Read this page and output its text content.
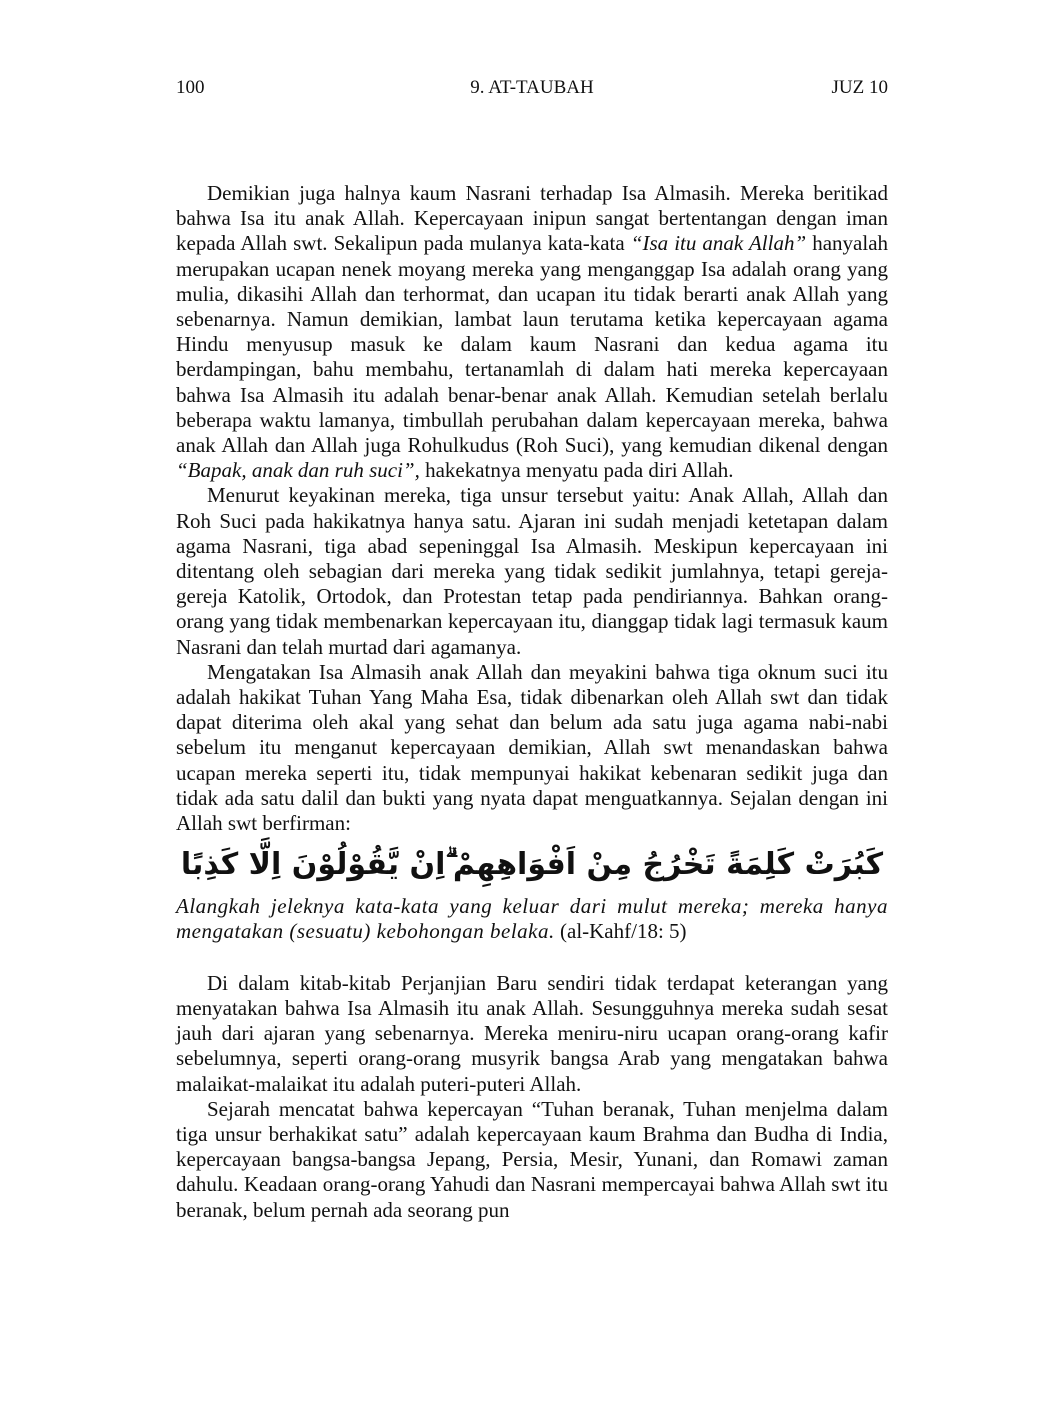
100	9. AT-TAUBAH	JUZ 10

Demikian juga halnya kaum Nasrani terhadap Isa Almasih. Mereka beritikad bahwa Isa itu anak Allah. Kepercayaan inipun sangat bertentangan dengan iman kepada Allah swt. Sekalipun pada mulanya kata-kata “Isa itu anak Allah” hanyalah merupakan ucapan nenek moyang mereka yang menganggap Isa adalah orang yang mulia, dikasihi Allah dan terhormat, dan ucapan itu tidak berarti anak Allah yang sebenarnya. Namun demikian, lambat laun terutama ketika kepercayaan agama Hindu menyusup masuk ke dalam kaum Nasrani dan kedua agama itu berdampingan, bahu membahu, tertanamlah di dalam hati mereka kepercayaan bahwa Isa Almasih itu adalah benar-benar anak Allah. Kemudian setelah berlalu beberapa waktu lamanya, timbullah perubahan dalam kepercayaan mereka, bahwa anak Allah dan Allah juga Rohulkudus (Roh Suci), yang kemudian dikenal dengan “Bapak, anak dan ruh suci”, hakekatnya menyatu pada diri Allah.

Menurut keyakinan mereka, tiga unsur tersebut yaitu: Anak Allah, Allah dan Roh Suci pada hakikatnya hanya satu. Ajaran ini sudah menjadi ketetapan dalam agama Nasrani, tiga abad sepeninggal Isa Almasih. Meskipun kepercayaan ini ditentang oleh sebagian dari mereka yang tidak sedikit jumlahnya, tetapi gereja-gereja Katolik, Ortodok, dan Protestan tetap pada pendiriannya. Bahkan orang-orang yang tidak membenarkan kepercayaan itu, dianggap tidak lagi termasuk kaum Nasrani dan telah murtad dari agamanya.

Mengatakan Isa Almasih anak Allah dan meyakini bahwa tiga oknum suci itu adalah hakikat Tuhan Yang Maha Esa, tidak dibenarkan oleh Allah swt dan tidak dapat diterima oleh akal yang sehat dan belum ada satu juga agama nabi-nabi sebelum itu menganut kepercayaan demikian, Allah swt menandaskan bahwa ucapan mereka seperti itu, tidak mempunyai hakikat kebenaran sedikit juga dan tidak ada satu dalil dan bukti yang nyata dapat menguatkannya. Sejalan dengan ini Allah swt berfirman:

كَبُرَتْ كَلِمَةً تَخْرُجُ مِنْ اَفْوَاهِهِمْ ۗاِنْ يَّقُوْلُوْنَ اِلَّا كَذِبًا

Alangkah jeleknya kata-kata yang keluar dari mulut mereka; mereka hanya mengatakan (sesuatu) kebohongan belaka. (al-Kahf/18: 5)

Di dalam kitab-kitab Perjanjian Baru sendiri tidak terdapat keterangan yang menyatakan bahwa Isa Almasih itu anak Allah. Sesungguhnya mereka sudah sesat jauh dari ajaran yang sebenarnya. Mereka meniru-niru ucapan orang-orang kafir sebelumnya, seperti orang-orang musyrik bangsa Arab yang mengatakan bahwa malaikat-malaikat itu adalah puteri-puteri Allah.

Sejarah mencatat bahwa kepercayan “Tuhan beranak, Tuhan menjelma dalam tiga unsur berhakikat satu” adalah kepercayaan kaum Brahma dan Budha di India, kepercayaan bangsa-bangsa Jepang, Persia, Mesir, Yunani, dan Romawi zaman dahulu. Keadaan orang-orang Yahudi dan Nasrani mempercayai bahwa Allah swt itu beranak, belum pernah ada seorang pun
